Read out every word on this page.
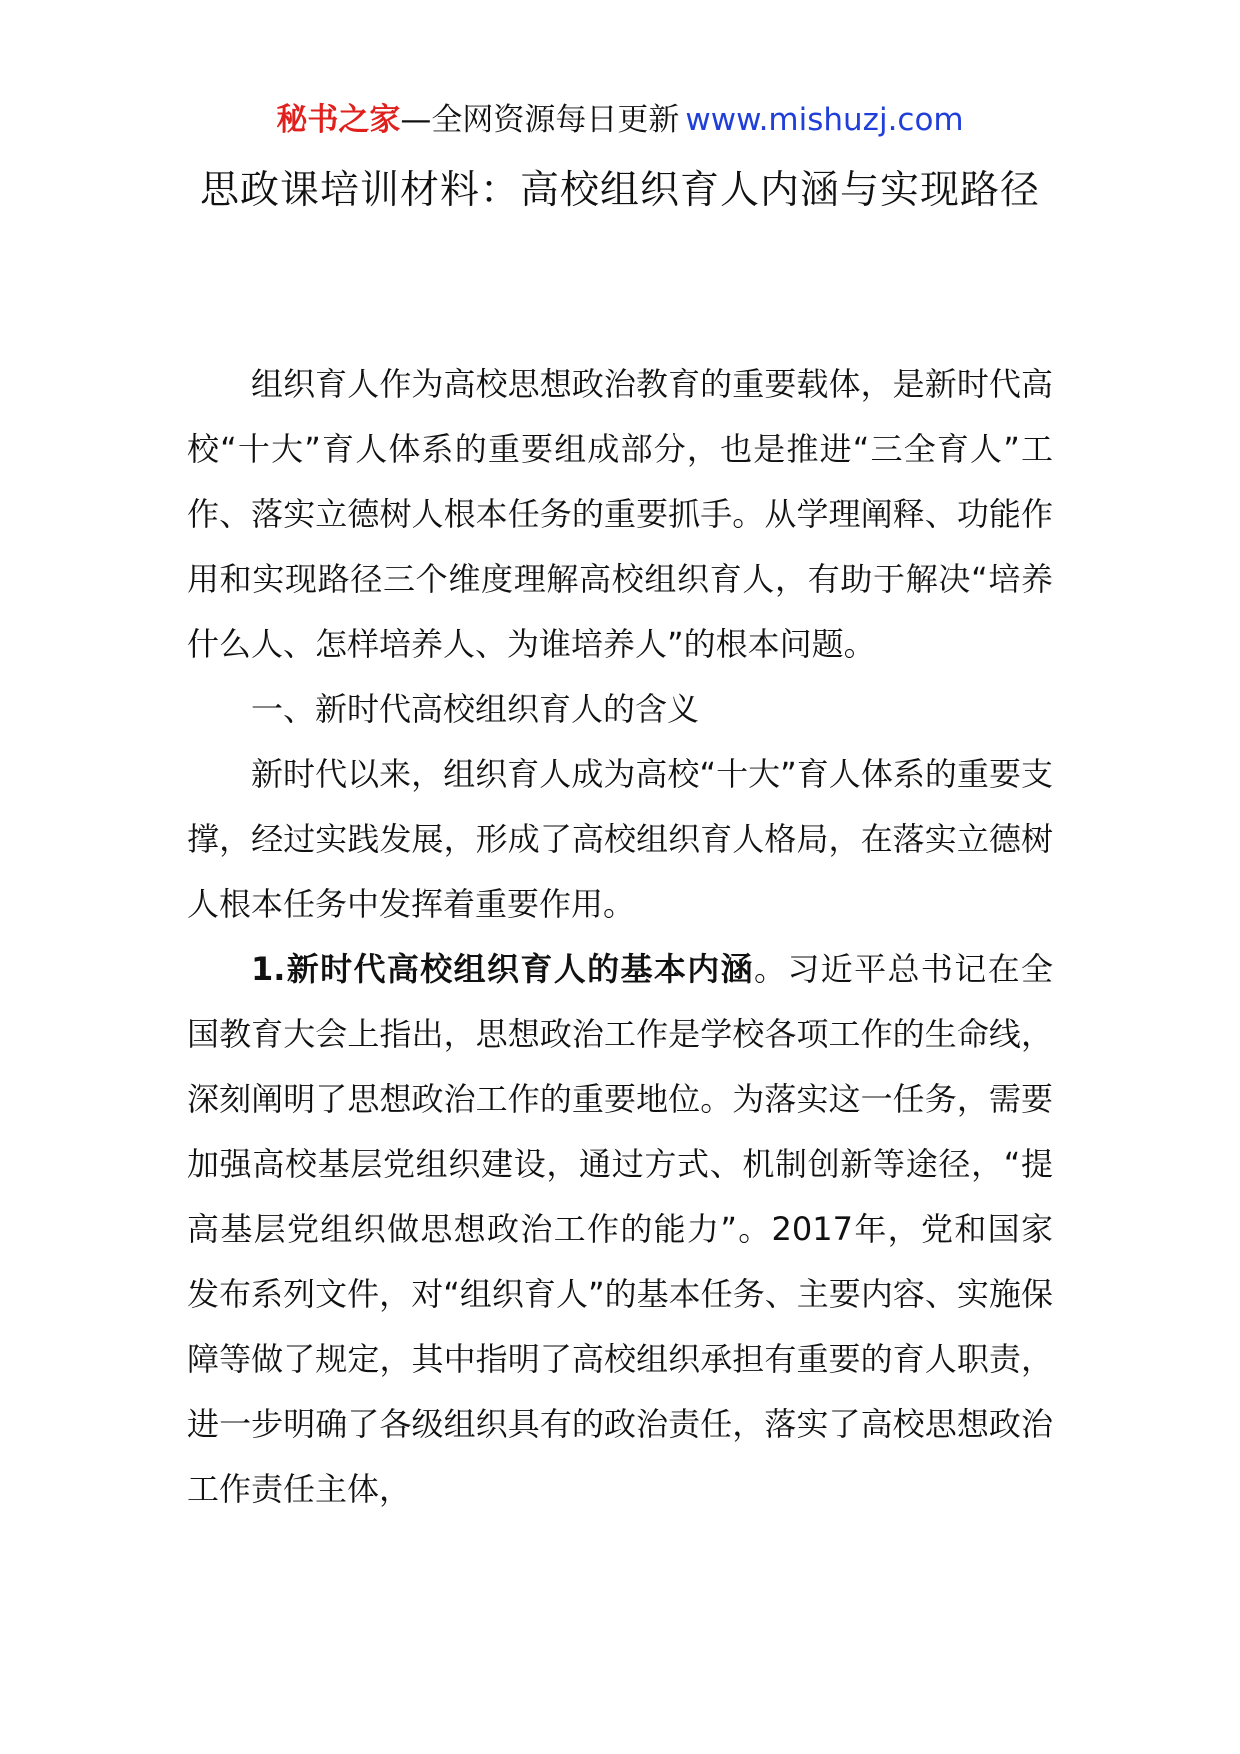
秘书之家—全网资源每日更新 www.mishuzj.com
思政课培训材料：高校组织育人内涵与实现路径

组织育人作为高校思想政治教育的重要载体，是新时代高校“十大”育人体系的重要组成部分，也是推进“三全育人”工作、落实立德树人根本任务的重要抓手。从学理阐释、功能作用和实现路径三个维度理解高校组织育人，有助于解决“培养什么人、怎样培养人、为谁培养人”的根本问题。

一、新时代高校组织育人的含义

新时代以来，组织育人成为高校“十大”育人体系的重要支撑，经过实践发展，形成了高校组织育人格局，在落实立德树人根本任务中发挥着重要作用。

1.新时代高校组织育人的基本内涵。习近平总书记在全国教育大会上指出，思想政治工作是学校各项工作的生命线，深刻阐明了思想政治工作的重要地位。为落实这一任务，需要加强高校基层党组织建设，通过方式、机制创新等途径，“提高基层党组织做思想政治工作的能力”。2017年，党和国家发布系列文件，对“组织育人”的基本任务、主要内容、实施保障等做了规定，其中指明了高校组织承担有重要的育人职责，进一步明确了各级组织具有的政治责任，落实了高校思想政治工作责任主体，
